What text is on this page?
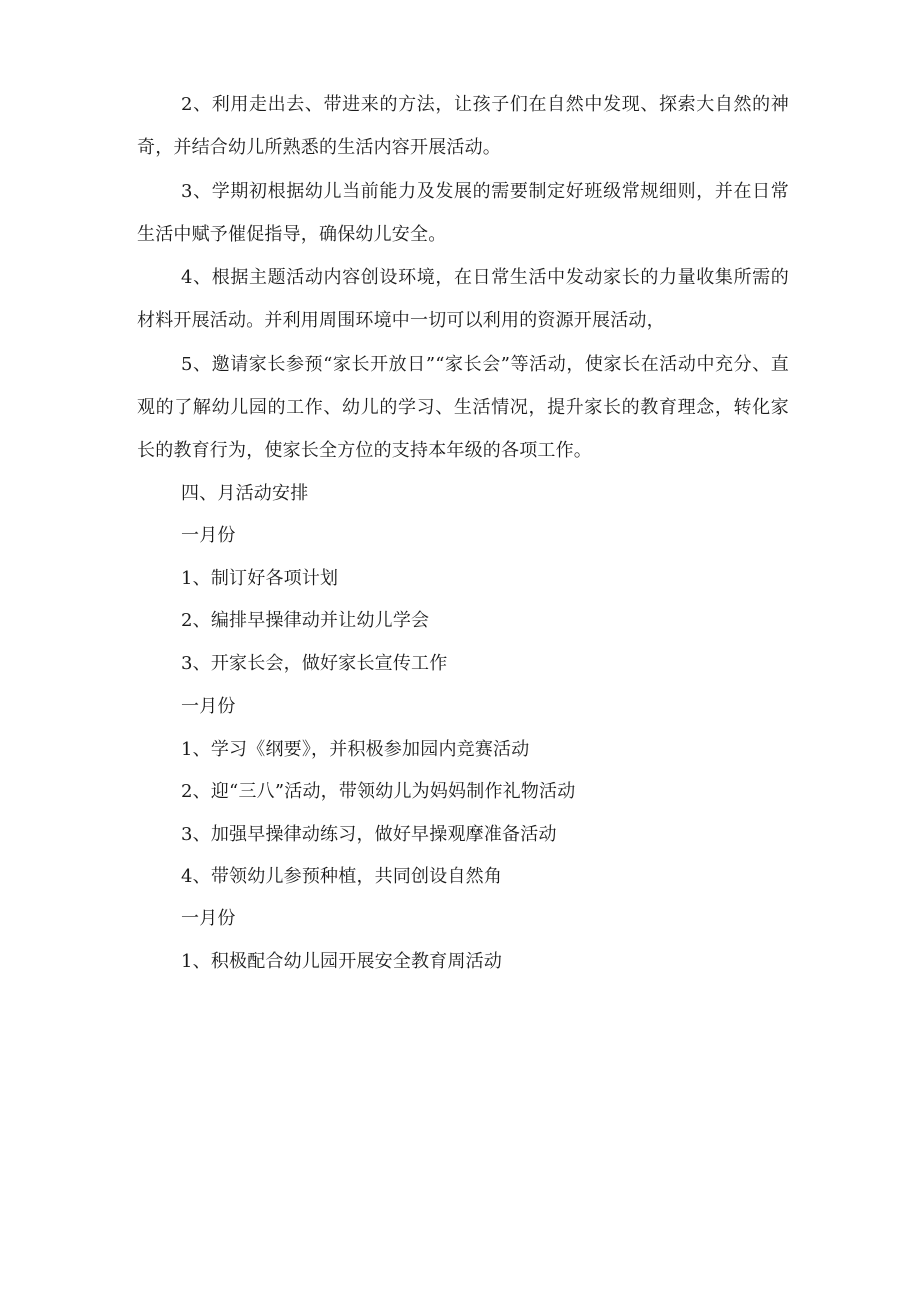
2、利用走出去、带进来的方法，让孩子们在自然中发现、探索大自然的神奇，并结合幼儿所熟悉的生活内容开展活动。

3、学期初根据幼儿当前能力及发展的需要制定好班级常规细则，并在日常生活中赋予催促指导，确保幼儿安全。

4、根据主题活动内容创设环境，在日常生活中发动家长的力量收集所需的材料开展活动。并利用周围环境中一切可以利用的资源开展活动，

5、邀请家长参预“家长开放日”“家长会”等活动，使家长在活动中充分、直观的了解幼儿园的工作、幼儿的学习、生活情况，提升家长的教育理念，转化家长的教育行为，使家长全方位的支持本年级的各项工作。

四、月活动安排

一月份

1、制订好各项计划

2、编排早操律动并让幼儿学会

3、开家长会，做好家长宣传工作

一月份

1、学习《纲要》，并积极参加园内竞赛活动

2、迎“三八”活动，带领幼儿为妈妈制作礼物活动

3、加强早操律动练习，做好早操观摩准备活动

4、带领幼儿参预种植，共同创设自然角

一月份

1、积极配合幼儿园开展安全教育周活动
